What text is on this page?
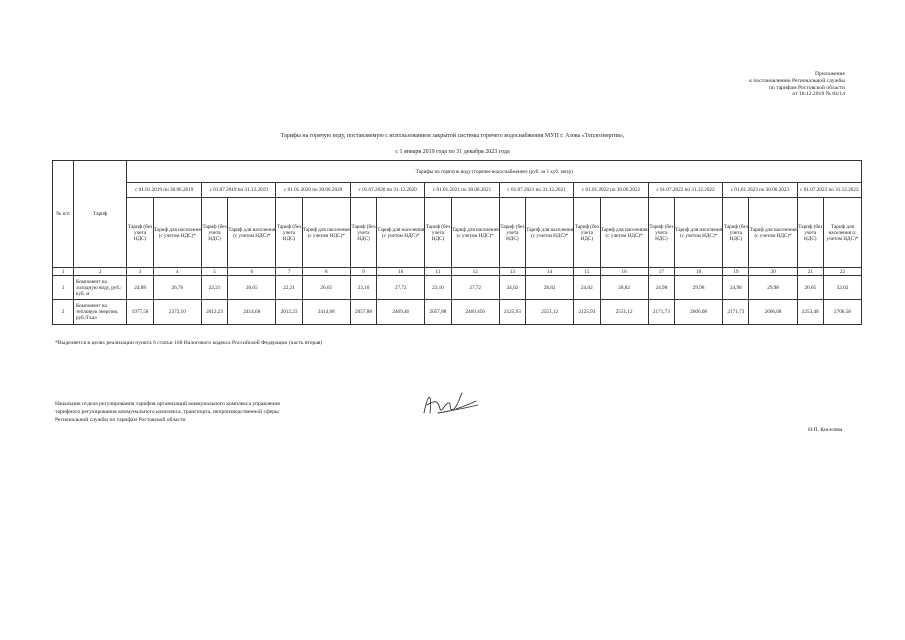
Приложение
к постановлению Региональной службы
по тарифам Ростовской области
от 18.12.2018 № 84/14
Тарифы на горячую воду, поставляемую с использованием закрытой системы горячего водоснабжения МУП г. Азова «Теплоэнергия»,
с 1 января 2019 года по 31 декабря 2023 года
№ п/п	Тариф	Тарифы на горячую воду (горячее водоснабжение) (руб. за 1 куб. метр)																			
		с 01.01.2019 по 30.06.2019		с 01.07.2019 по 31.12.2019		с 01.01.2020 по 30.06.2020		с 01.07.2020 по 31.12.2020		с 01.01.2021 по 30.06.2021		с 01.07.2021 по 31.12.2021		с 01.01.2022 по 30.06.2022		с 01.07.2022 по 31.12.2022		с 01.01.2023 по 30.06.2023		с 01.07.2023 по 31.12.2023	
		Тариф (без учета НДС)	Тариф для населения (с учетом НДС)*	Тариф (без учета НДС)	Тариф для населения (с учетом НДС)*	Тариф (без учета НДС)	Тариф для населения (с учетом НДС)*	Тариф (без учета НДС)	Тариф для населения (с учетом НДС)*	Тариф (без учета НДС)	Тариф для населения (с учетом НДС)*	Тариф (без учета НДС)	Тариф для населения (с учетом НДС)*	Тариф (без учета НДС)	Тариф для населения (с учетом НДС)*	Тариф (без учета НДС)	Тариф для населения (с учетом НДС)*	Тариф (без учета НДС)	Тариф для населения (с учетом НДС)*	Тариф (без учета НДС)	Тариф для населения (с учетом НДС)*
1	2	3	4	5	6	7	8	9	10	11	12	13	14	15	16	17	18	19	20	21	22
1	Компонент на холодную воду, руб./куб. м	24,88	26,76	22,21	26,65	22,21	26,65	23,10	27,72	23,10	27,72	24,02	28,82	24,02	28,82	24,98	29,98	24,98	29,98	26,65	32,02
2	Компонент на тепловую энергию, руб./Гкал	1977,58	2373,10	2012,23	2414,68	2012,23	2414,68	2057,88	2469,46	2057,88	2469,456	2125,93	2551,12	2125,93	2551,12	2171,73	2606,08	2171,73	2606,08	2253,48	2706,58
*Выделяется в целях реализации пункта 6 статьи 168 Налогового кодекса Российской Федерации (часть вторая)
Начальник отдела регулирования тарифов организаций коммунального комплекса управления тарифного регулирования коммунального комплекса, транспорта, непроизводственной сферы Региональной службы по тарифам Ростовской области
Н.П. Киселева
